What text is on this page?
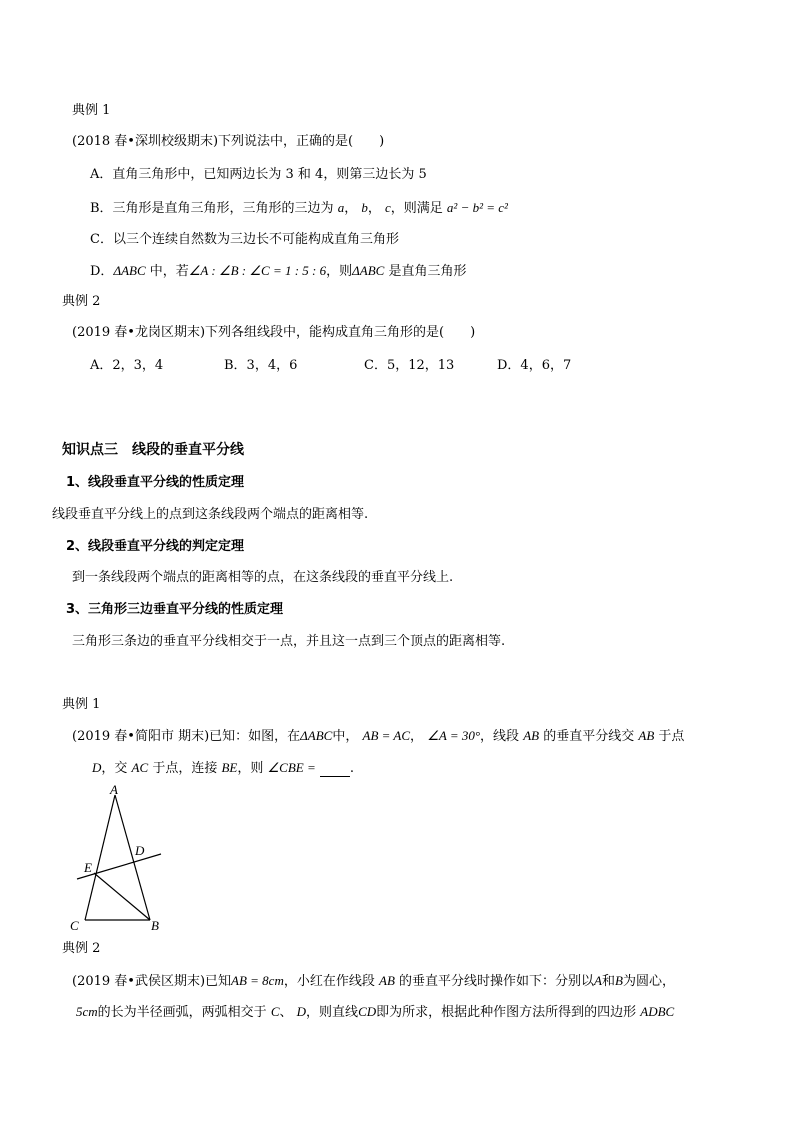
典例 1
(2018 春•深圳校级期末)下列说法中，正确的是(　　)
A．直角三角形中，已知两边长为 3 和 4，则第三边长为 5
B．三角形是直角三角形，三角形的三边为 a， b， c，则满足 a² − b² = c²
C．以三个连续自然数为三边长不可能构成直角三角形
D．ΔABC 中，若∠A : ∠B : ∠C = 1 : 5 : 6，则ΔABC 是直角三角形
典例 2
(2019 春•龙岗区期末)下列各组线段中，能构成直角三角形的是(　　)
A．2，3，4	B．3，4，6	C．5，12，13	D．4，6，7
知识点三　线段的垂直平分线
1、线段垂直平分线的性质定理
线段垂直平分线上的点到这条线段两个端点的距离相等.
2、线段垂直平分线的判定定理
到一条线段两个端点的距离相等的点，在这条线段的垂直平分线上.
3、三角形三边垂直平分线的性质定理
三角形三条边的垂直平分线相交于一点，并且这一点到三个顶点的距离相等.
典例 1
(2019 春•简阳市 期末)已知：如图，在ΔABC中， AB = AC， ∠A = 30°，线段 AB 的垂直平分线交 AB 于点
D，交 AC 于点，连接 BE，则 ∠CBE =	.
A
D
E
C	B
典例 2
(2019 春•武侯区期末)已知AB = 8cm，小红在作线段 AB 的垂直平分线时操作如下：分别以A和B为圆心，
5cm的长为半径画弧，两弧相交于 C、 D，则直线CD即为所求，根据此种作图方法所得到的四边形 ADBC
